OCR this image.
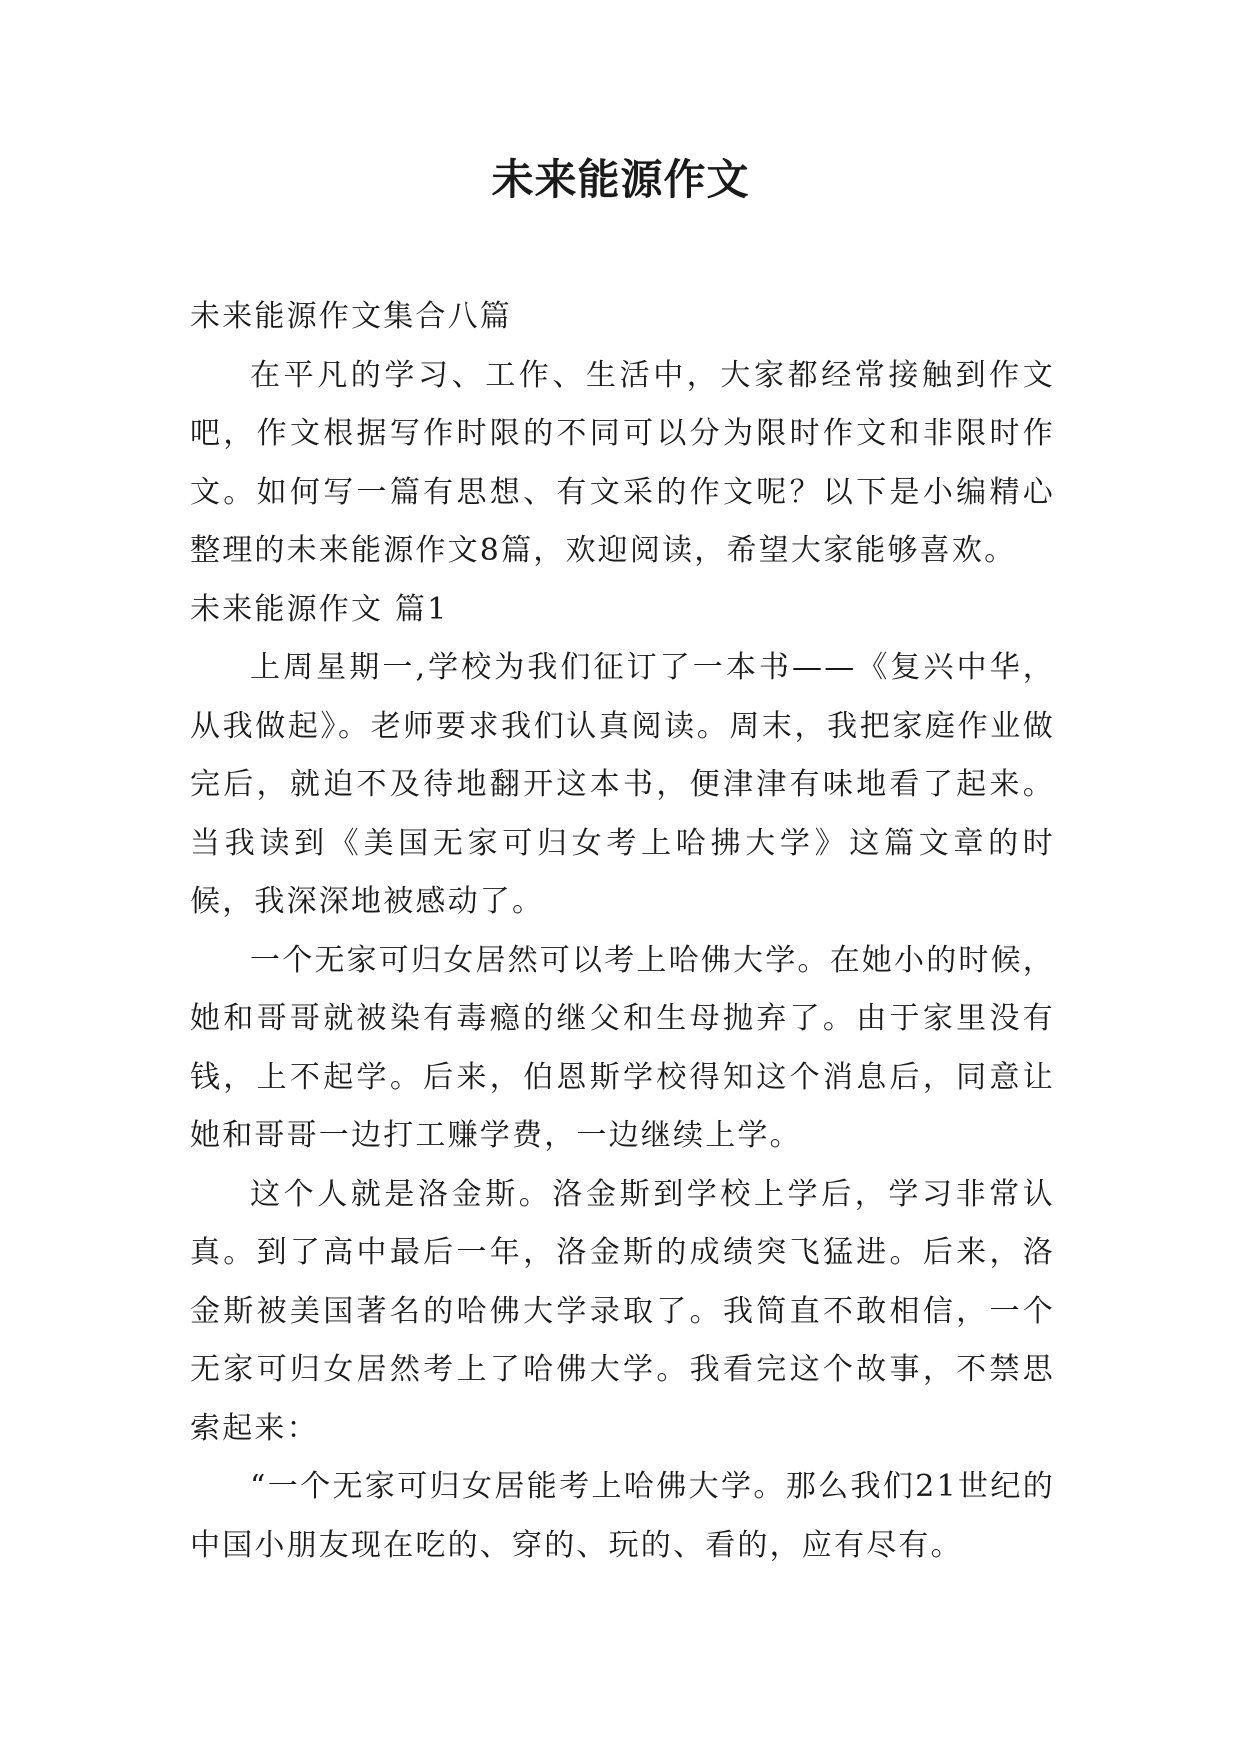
未来能源作文

未来能源作文集合八篇

在平凡的学习、工作、生活中，大家都经常接触到作文吧，作文根据写作时限的不同可以分为限时作文和非限时作文。如何写一篇有思想、有文采的作文呢？以下是小编精心整理的未来能源作文8篇，欢迎阅读，希望大家能够喜欢。

未来能源作文 篇1

上周星期一,学校为我们征订了一本书——《复兴中华，从我做起》。老师要求我们认真阅读。周末，我把家庭作业做完后，就迫不及待地翻开这本书，便津津有味地看了起来。当我读到《美国无家可归女考上哈拂大学》这篇文章的时候，我深深地被感动了。

一个无家可归女居然可以考上哈佛大学。在她小的时候，她和哥哥就被染有毒瘾的继父和生母抛弃了。由于家里没有钱，上不起学。后来，伯恩斯学校得知这个消息后，同意让她和哥哥一边打工赚学费，一边继续上学。

这个人就是洛金斯。洛金斯到学校上学后，学习非常认真。到了高中最后一年，洛金斯的成绩突飞猛进。后来，洛金斯被美国著名的哈佛大学录取了。我简直不敢相信，一个无家可归女居然考上了哈佛大学。我看完这个故事，不禁思索起来：

“一个无家可归女居能考上哈佛大学。那么我们21世纪的中国小朋友现在吃的、穿的、玩的、看的，应有尽有。
